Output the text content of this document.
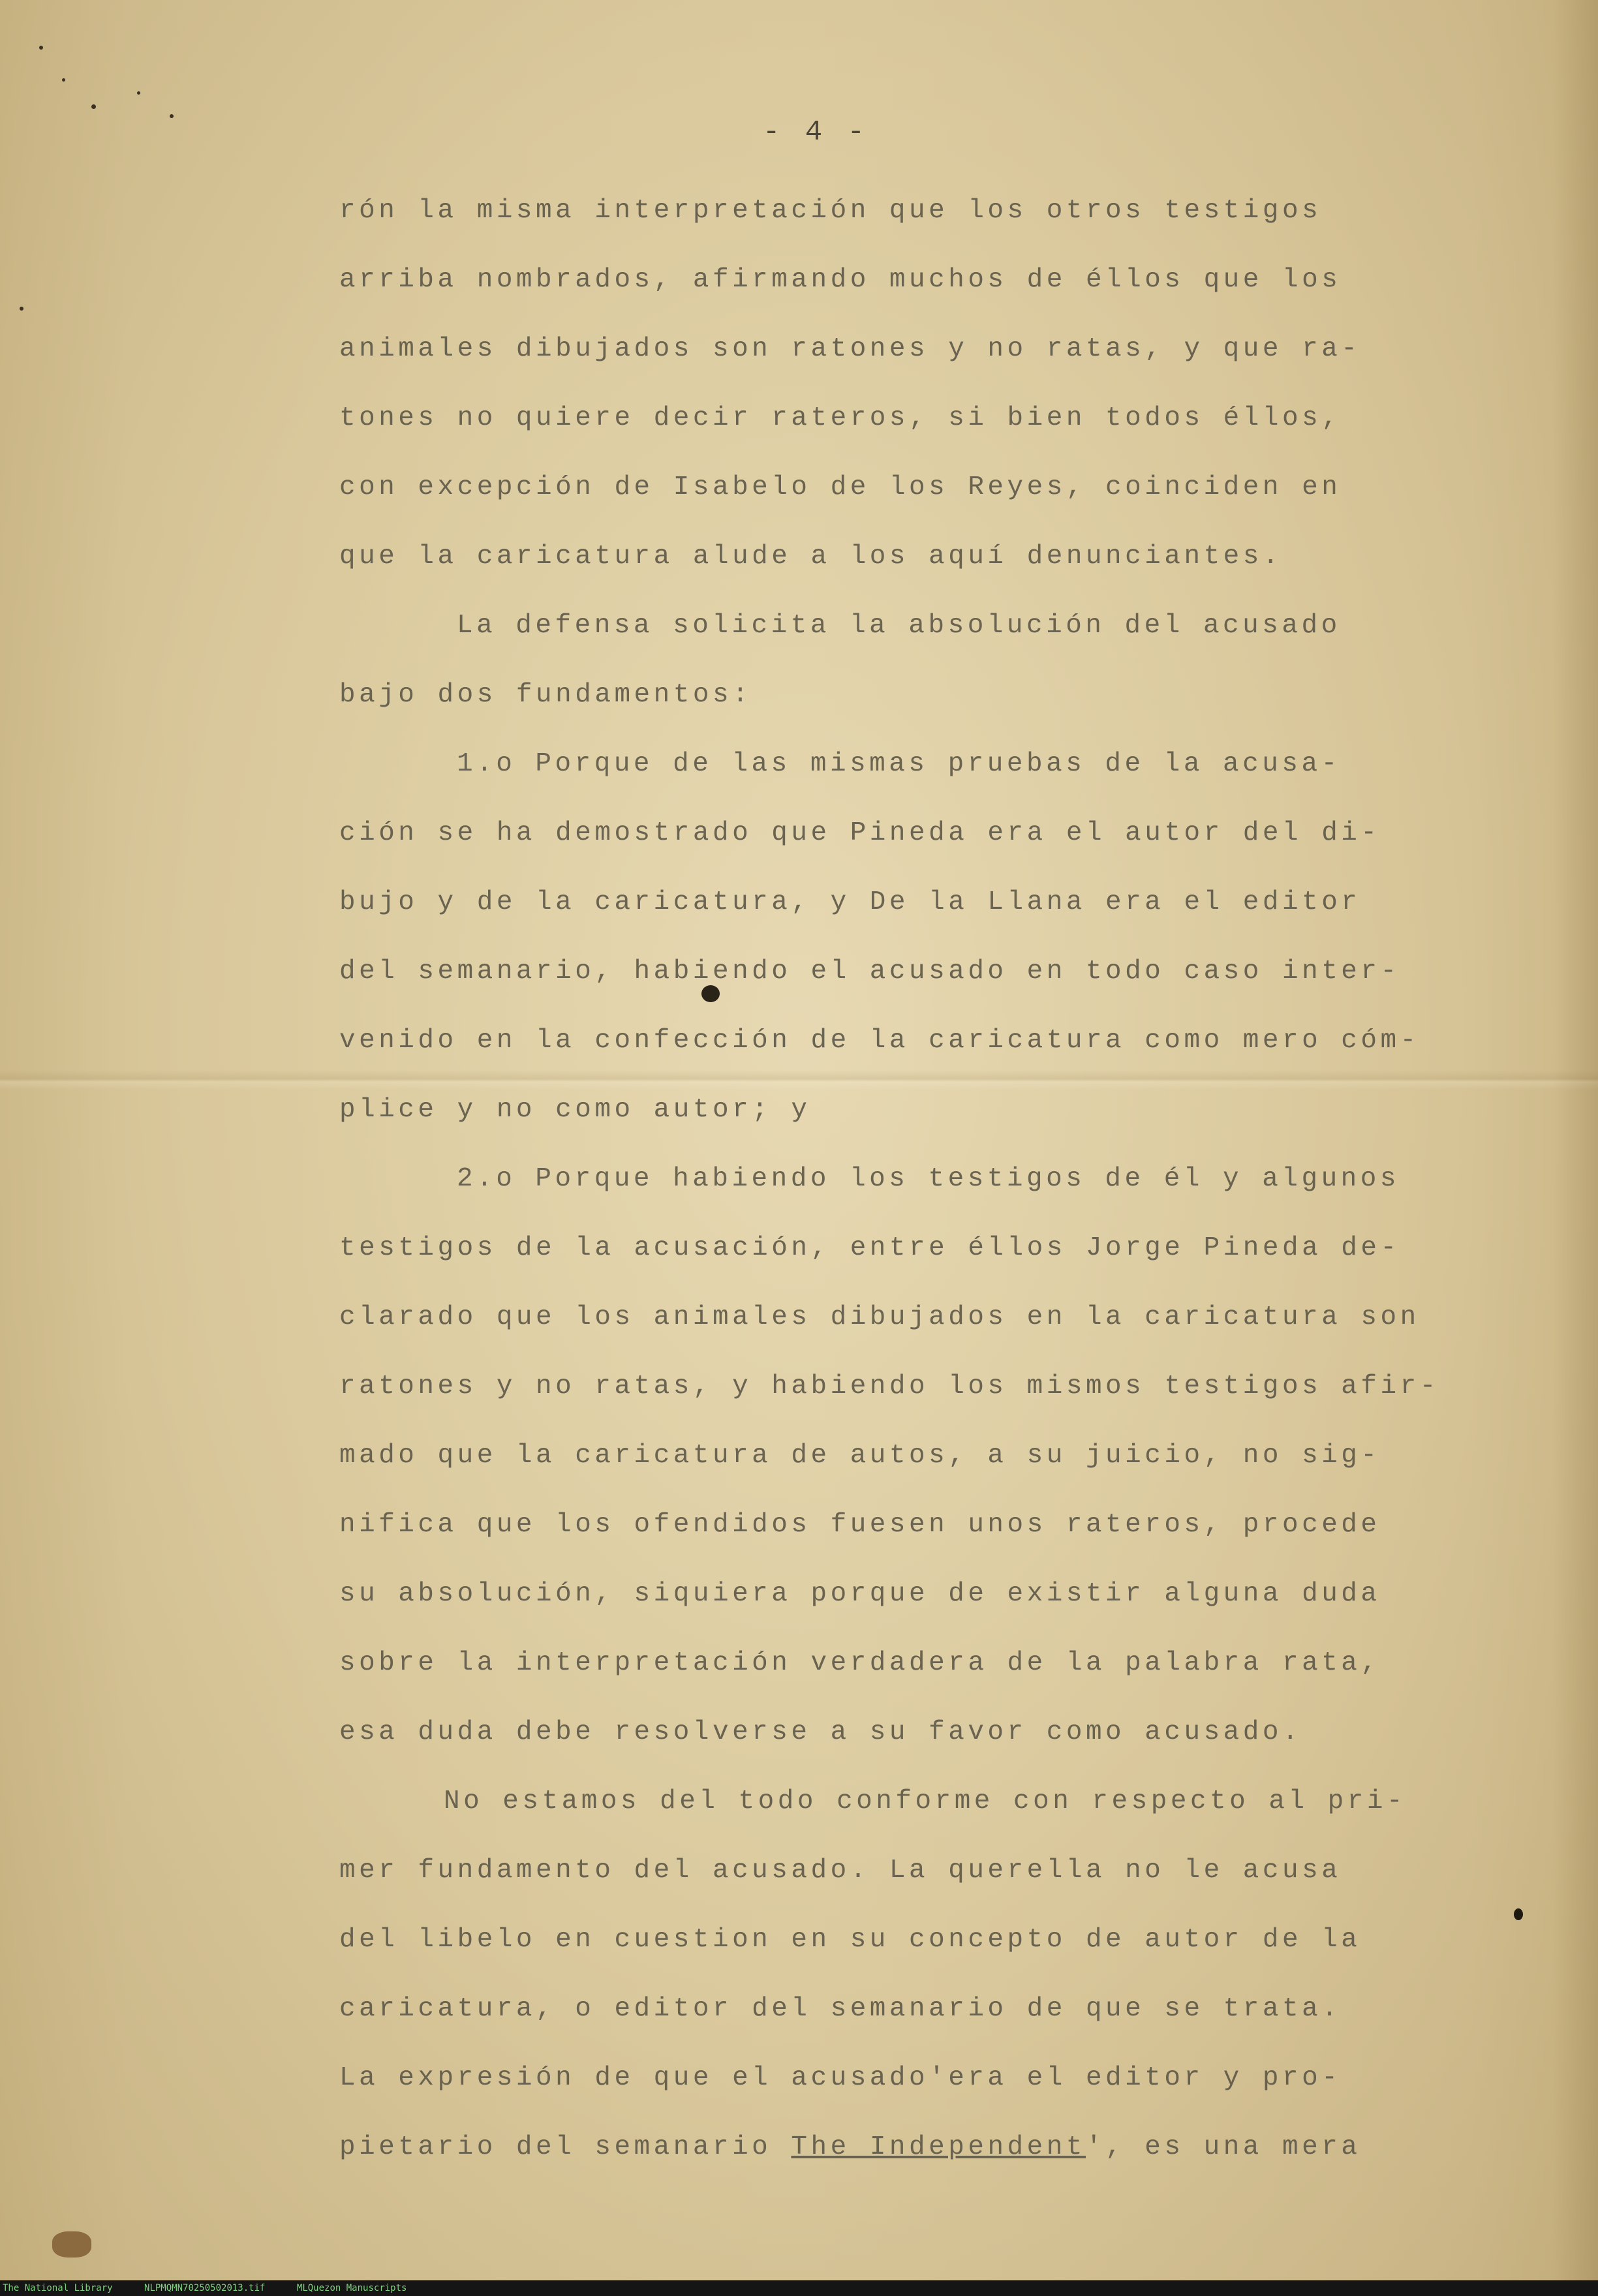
- 4 -
rón la misma interpretación que los otros testigos
arriba nombrados, afirmando muchos de éllos que los
animales dibujados son ratones y no ratas, y que ra-
tones no quiere decir rateros, si bien todos éllos,
con excepción de Isabelo de los Reyes, coinciden en
que la caricatura alude a los aquí denunciantes.
La defensa solicita la absolución del acusado
bajo dos fundamentos:
1.o Porque de las mismas pruebas de la acusa-
ción se ha demostrado que Pineda era el autor del di-
bujo y de la caricatura, y De la Llana era el editor
del semanario, habiendo el acusado en todo caso inter-
venido en la confección de la caricatura como mero cóm-
plice y no como autor; y
2.o Porque habiendo los testigos de él y algunos
testigos de la acusación, entre éllos Jorge Pineda de-
clarado que los animales dibujados en la caricatura son
ratones y no ratas, y habiendo los mismos testigos afir-
mado que la caricatura de autos, a su juicio, no sig-
nifica que los ofendidos fuesen unos rateros, procede
su absolución, siquiera porque de existir alguna duda
sobre la interpretación verdadera de la palabra rata,
esa duda debe resolverse a su favor como acusado.
No estamos del todo conforme con respecto al pri-
mer fundamento del acusado. La querella no le acusa
del libelo en cuestion en su concepto de autor de la
caricatura, o editor del semanario de que se trata.
La expresión de que el acusado'era el editor y pro-
pietario del semanario The Independent', es una mera
The National Library	NLPMQMN70250502013.tif	MLQuezon Manuscripts
